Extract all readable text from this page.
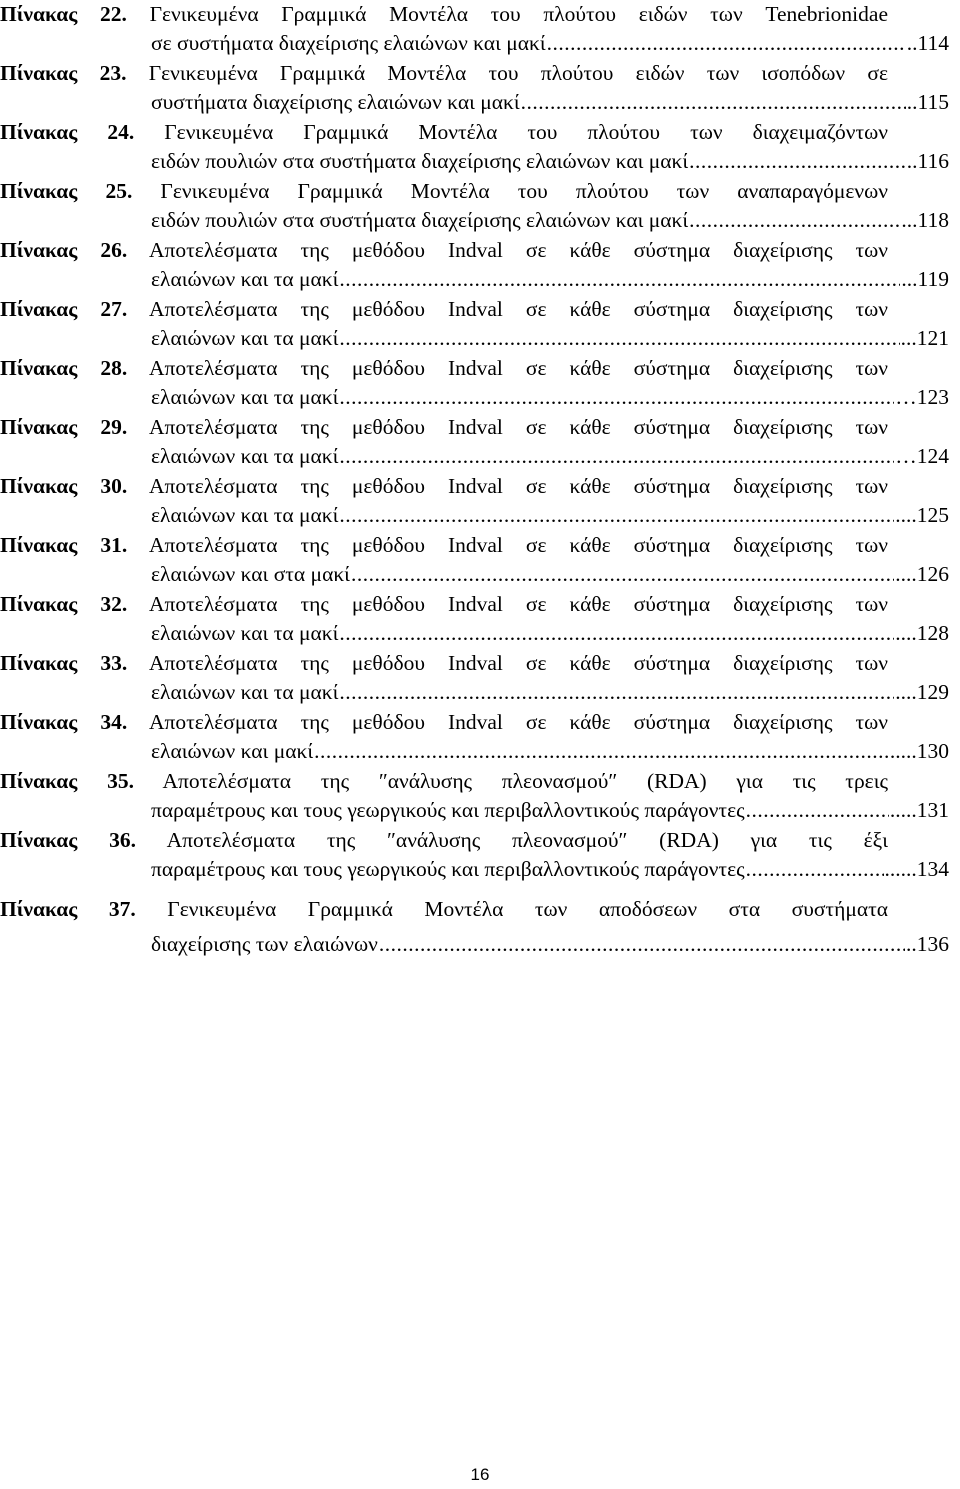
Πίνακας 22. Γενικευμένα Γραμμικά Μοντέλα του πλούτου ειδών των Tenebrionidae
σε συστήματα διαχείρισης ελαιώνων και μακί .....	..114
Πίνακας 23. Γενικευμένα Γραμμικά Μοντέλα του πλούτου ειδών των ισοπόδων σε
συστήματα διαχείρισης ελαιώνων και μακί .....	..115
Πίνακας 24. Γενικευμένα Γραμμικά Μοντέλα του πλούτου των διαχειμαζόντων
ειδών πουλιών στα συστήματα διαχείρισης ελαιώνων και μακί .....	..116
Πίνακας 25. Γενικευμένα Γραμμικά Μοντέλα του πλούτου των αναπαραγόμενων
ειδών πουλιών στα συστήματα διαχείρισης ελαιώνων και μακί .....	...118
Πίνακας 26. Αποτελέσματα της μεθόδου Indval σε κάθε σύστημα διαχείρισης των
ελαιώνων και τα μακί .....	...119
Πίνακας 27. Αποτελέσματα της μεθόδου Indval σε κάθε σύστημα διαχείρισης των
ελαιώνων και τα μακί .....	...121
Πίνακας 28. Αποτελέσματα της μεθόδου Indval σε κάθε σύστημα διαχείρισης των
ελαιώνων και τα μακί .....	…123
Πίνακας 29. Αποτελέσματα της μεθόδου Indval σε κάθε σύστημα διαχείρισης των
ελαιώνων και τα μακί .....	…124
Πίνακας 30. Αποτελέσματα της μεθόδου Indval σε κάθε σύστημα διαχείρισης των
ελαιώνων και τα μακί .....	....125
Πίνακας 31. Αποτελέσματα της μεθόδου Indval σε κάθε σύστημα διαχείρισης των
ελαιώνων και στα μακί .....	....126
Πίνακας 32. Αποτελέσματα της μεθόδου Indval σε κάθε σύστημα διαχείρισης των
ελαιώνων και τα μακί .....	....128
Πίνακας 33. Αποτελέσματα της μεθόδου Indval σε κάθε σύστημα διαχείρισης των
ελαιώνων και τα μακί .....	....129
Πίνακας 34. Αποτελέσματα της μεθόδου Indval σε κάθε σύστημα διαχείρισης των
ελαιώνων και μακί .....	....130
Πίνακας 35. Αποτελέσματα της ″ανάλυσης πλεονασμού″ (RDA) για τις τρεις
παραμέτρους και τους γεωργικούς και περιβαλλοντικούς παράγοντες .....	.....131
Πίνακας 36. Αποτελέσματα της ″ανάλυσης πλεονασμού″ (RDA) για τις έξι
παραμέτρους και τους γεωργικούς και περιβαλλοντικούς παράγοντες .....	......134
Πίνακας 37. Γενικευμένα Γραμμικά Μοντέλα των αποδόσεων στα συστήματα
διαχείρισης των ελαιώνων .....	..136
16
